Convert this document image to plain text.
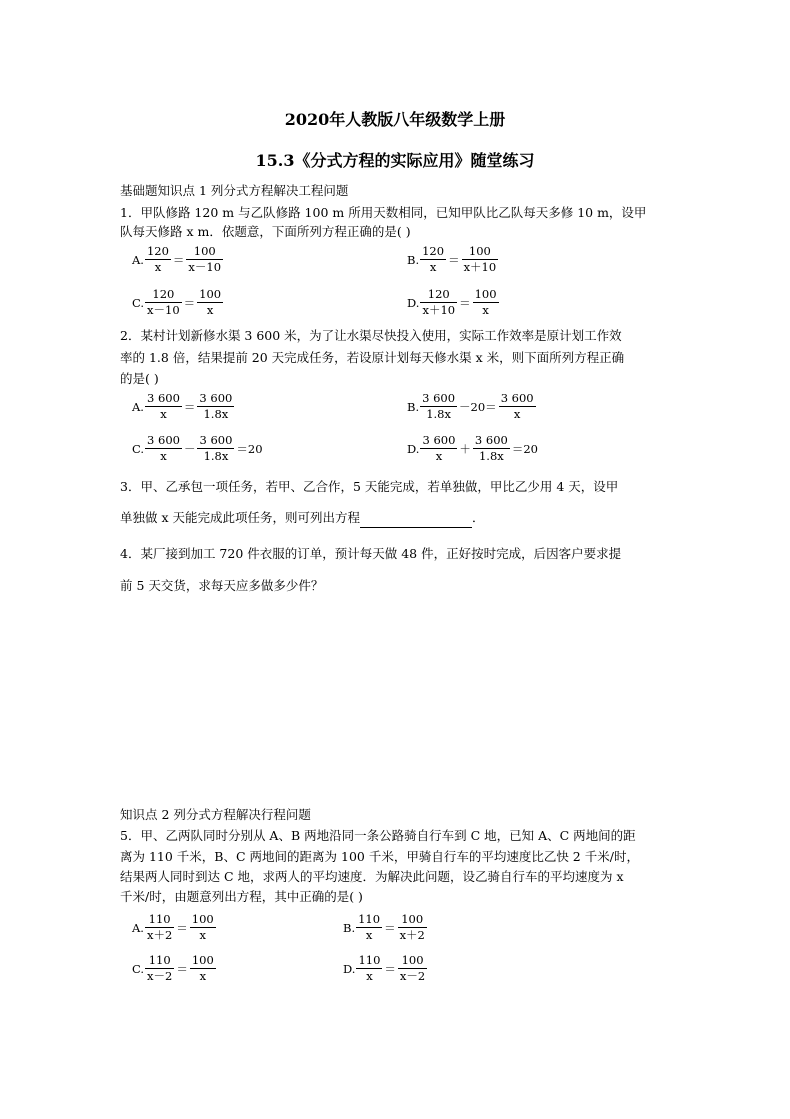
2020年人教版八年级数学上册
15.3《分式方程的实际应用》随堂练习
基础题知识点 1 列分式方程解决工程问题
1．甲队修路 120 m 与乙队修路 100 m 所用天数相同，已知甲队比乙队每天多修 10 m，设甲
队每天修路 x m．依题意，下面所列方程正确的是( )
A. $\frac{120}{x} = \frac{100}{x-10}$	B. $\frac{120}{x} = \frac{100}{x+10}$
C. $\frac{120}{x-10} = \frac{100}{x}$	D. $\frac{120}{x+10} = \frac{100}{x}$
2．某村计划新修水渠 3 600 米，为了让水渠尽快投入使用，实际工作效率是原计划工作效
率的 1.8 倍，结果提前 20 天完成任务，若设原计划每天修水渠 x 米，则下面所列方程正确
的是( )
A. $\frac{3 600}{x} = \frac{3 600}{1.8x}$	B. $\frac{3 600}{1.8x} -20= \frac{3 600}{x}$
C. $\frac{3 600}{x} - \frac{3 600}{1.8x} =20$	D. $\frac{3 600}{x} + \frac{3 600}{1.8x} =20$
3．甲、乙承包一项任务，若甲、乙合作，5 天能完成，若单独做，甲比乙少用 4 天，设甲
单独做 x 天能完成此项任务，则可列出方程	．
4．某厂接到加工 720 件衣服的订单，预计每天做 48 件，正好按时完成，后因客户要求提
前 5 天交货，求每天应多做多少件？
知识点 2 列分式方程解决行程问题
5．甲、乙两队同时分别从 A、B 两地沿同一条公路骑自行车到 C 地，已知 A、C 两地间的距
离为 110 千米，B、C 两地间的距离为 100 千米，甲骑自行车的平均速度比乙快 2 千米/时，
结果两人同时到达 C 地，求两人的平均速度．为解决此问题，设乙骑自行车的平均速度为 x
千米/时，由题意列出方程，其中正确的是( )
A. $\frac{110}{x+2} = \frac{100}{x}$	B. $\frac{110}{x} = \frac{100}{x+2}$
C. $\frac{110}{x-2} = \frac{100}{x}$	D. $\frac{110}{x} = \frac{100}{x-2}$
